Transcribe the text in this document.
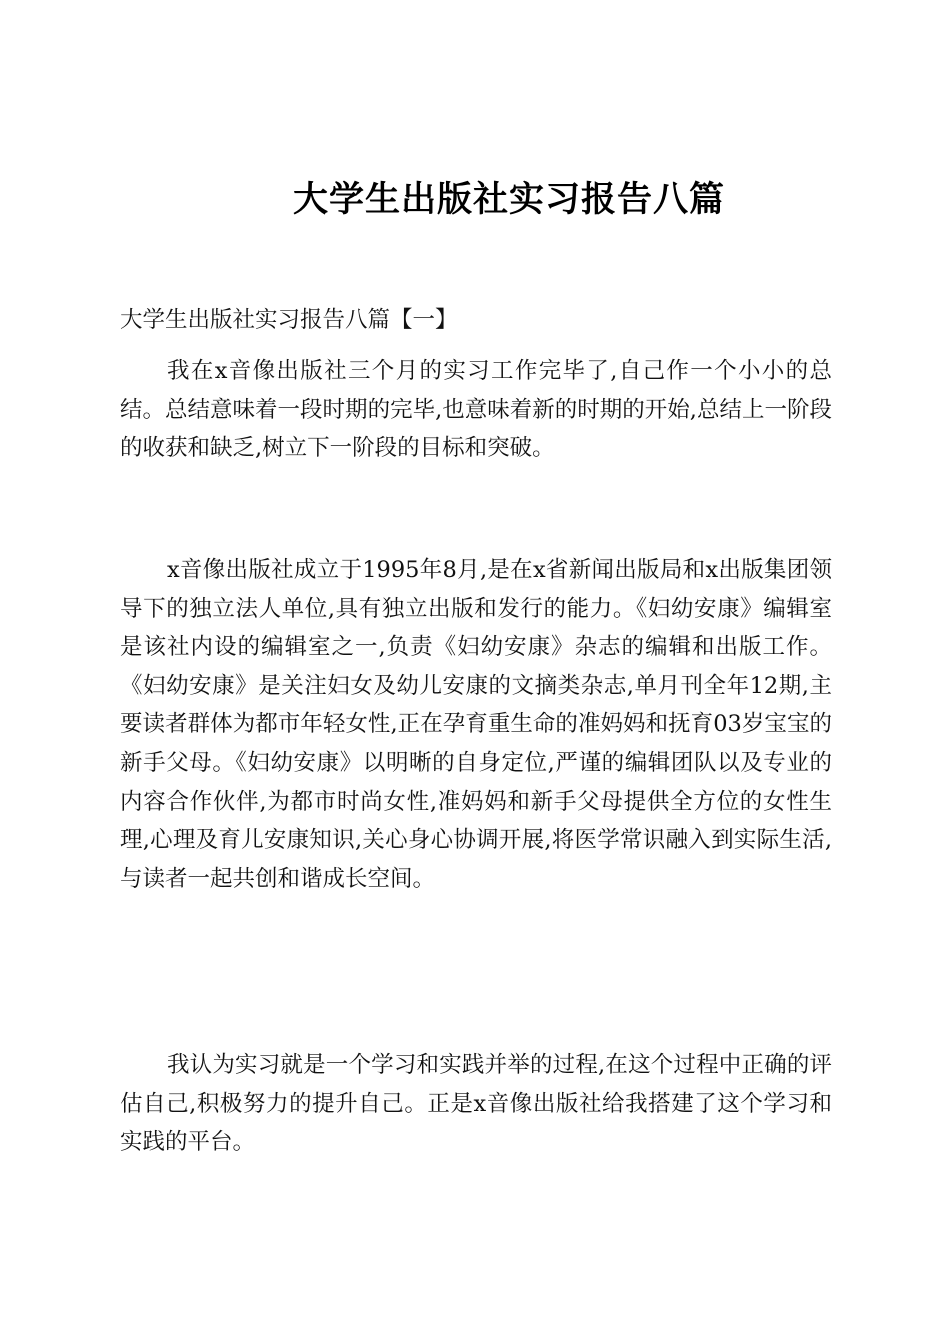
大学生出版社实习报告八篇

大学生出版社实习报告八篇【一】

我在x音像出版社三个月的实习工作完毕了,自己作一个小小的总结。总结意味着一段时期的完毕,也意味着新的时期的开始,总结上一阶段的收获和缺乏,树立下一阶段的目标和突破。

x音像出版社成立于1995年8月,是在x省新闻出版局和x出版集团领导下的独立法人单位,具有独立出版和发行的能力。《妇幼安康》编辑室是该社内设的编辑室之一,负责《妇幼安康》杂志的编辑和出版工作。《妇幼安康》是关注妇女及幼儿安康的文摘类杂志,单月刊全年12期,主要读者群体为都市年轻女性,正在孕育重生命的准妈妈和抚育03岁宝宝的新手父母。《妇幼安康》以明晰的自身定位,严谨的编辑团队以及专业的内容合作伙伴,为都市时尚女性,准妈妈和新手父母提供全方位的女性生理,心理及育儿安康知识,关心身心协调开展,将医学常识融入到实际生活,与读者一起共创和谐成长空间。

我认为实习就是一个学习和实践并举的过程,在这个过程中正确的评估自己,积极努力的提升自己。正是x音像出版社给我搭建了这个学习和实践的平台。
